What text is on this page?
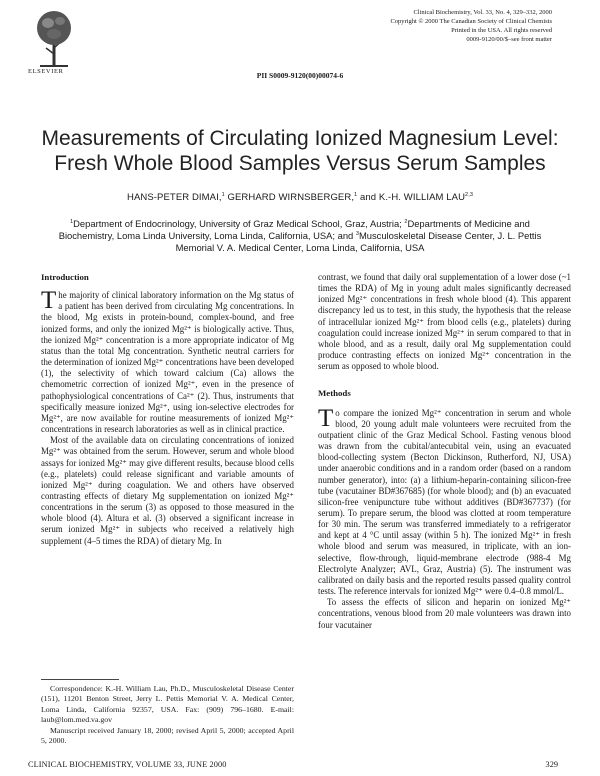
ELSEVIER
Clinical Biochemistry, Vol. 33, No. 4, 329–332, 2000
Copyright © 2000 The Canadian Society of Clinical Chemists
Printed in the USA. All rights reserved
0009-9120/00/$–see front matter
PII S0009-9120(00)00074-6
Measurements of Circulating Ionized Magnesium Level:
Fresh Whole Blood Samples Versus Serum Samples
HANS-PETER DIMAI,$^1$ GERHARD WIRNSBERGER,$^1$ and K.-H. WILLIAM LAU$^{2,3}$
$^1$Department of Endocrinology, University of Graz Medical School, Graz, Austria; $^2$Departments of Medicine and Biochemistry, Loma Linda University, Loma Linda, California, USA; and $^3$Musculoskeletal Disease Center, J. L. Pettis Memorial V. A. Medical Center, Loma Linda, California, USA

Introduction

The majority of clinical laboratory information on the Mg status of a patient has been derived from circulating Mg concentrations. In the blood, Mg exists in protein-bound, complex-bound, and free ionized forms, and only the ionized Mg²⁺ is biologically active. Thus, the ionized Mg²⁺ concentration is a more appropriate indicator of Mg status than the total Mg concentration. Synthetic neutral carriers for the determination of ionized Mg²⁺ concentrations have been developed (1), the selectivity of which toward calcium (Ca) allows the chemometric correction of ionized Mg²⁺, even in the presence of pathophysiological concentrations of Ca²⁺ (2). Thus, instruments that specifically measure ionized Mg²⁺, using ion-selective electrodes for Mg²⁺, are now available for routine measurements of ionized Mg²⁺ concentrations in research laboratories as well as in clinical practice.

Most of the available data on circulating concentrations of ionized Mg²⁺ was obtained from the serum. However, serum and whole blood assays for ionized Mg²⁺ may give different results, because blood cells (e.g., platelets) could release significant and variable amounts of ionized Mg²⁺ during coagulation. We and others have observed contrasting effects of dietary Mg supplementation on ionized Mg²⁺ concentrations in the serum (3) as opposed to those measured in the whole blood (4). Altura et al. (3) observed a significant increase in serum ionized Mg²⁺ in subjects who received a relatively high supplement (4–5 times the RDA) of dietary Mg. In

contrast, we found that daily oral supplementation of a lower dose (~1 times the RDA) of Mg in young adult males significantly decreased ionized Mg²⁺ concentrations in fresh whole blood (4). This apparent discrepancy led us to test, in this study, the hypothesis that the release of intracellular ionized Mg²⁺ from blood cells (e.g., platelets) during coagulation could increase ionized Mg²⁺ in serum compared to that in whole blood, and as a result, daily oral Mg supplementation could produce contrasting effects on ionized Mg²⁺ concentration in the serum as opposed to whole blood.

Methods

To compare the ionized Mg²⁺ concentration in serum and whole blood, 20 young adult male volunteers were recruited from the outpatient clinic of the Graz Medical School. Fasting venous blood was drawn from the cubital/antecubital vein, using an evacuated blood-collecting system (Becton Dickinson, Rutherford, NJ, USA) under anaerobic conditions and in a random order (based on a random number generator), into: (a) a lithium-heparin-containing silicon-free tube (vacutainer BD#367685) (for whole blood); and (b) an evacuated silicon-free venipuncture tube without additives (BD#367737) (for serum). To prepare serum, the blood was clotted at room temperature for 30 min. The serum was transferred immediately to a refrigerator and kept at 4 °C until assay (within 5 h). The ionized Mg²⁺ in fresh whole blood and serum was measured, in triplicate, with an ion-selective, flow-through, liquid-membrane electrode (988-4 Mg Electrolyte Analyzer; AVL, Graz, Austria) (5). The instrument was calibrated on daily basis and the reported results passed quality control tests. The reference intervals for ionized Mg²⁺ were 0.4–0.8 mmol/L.

To assess the effects of silicon and heparin on ionized Mg²⁺ concentrations, venous blood from 20 male volunteers was drawn into four vacutainer

Correspondence: K.-H. William Lau, Ph.D., Musculoskeletal Disease Center (151), 11201 Benton Street, Jerry L. Pettis Memorial V. A. Medical Center, Loma Linda, California 92357, USA. Fax: (909) 796–1680. E-mail: laub@lom.med.va.gov

Manuscript received January 18, 2000; revised April 5, 2000; accepted April 5, 2000.

CLINICAL BIOCHEMISTRY, VOLUME 33, JUNE 2000	329
